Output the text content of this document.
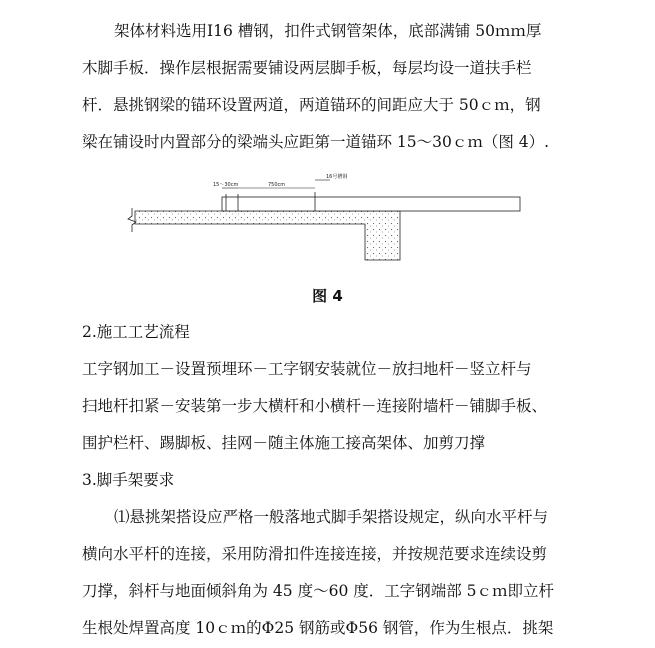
架体材料选用Ⅰ16 槽钢，扣件式钢管架体，底部满铺 50ｍｍ厚

木脚手板．操作层根据需要铺设两层脚手板，每层均设一道扶手栏

杆．悬挑钢梁的锚环设置两道，两道锚环的间距应大于 50ｃｍ，钢

梁在铺设时内置部分的梁端头应距第一道锚环 15～30ｃｍ（图 4）.

15～30cm	750cm
16号槽钢
图 4

2.施工工艺流程

工字钢加工－设置预埋环－工字钢安装就位－放扫地杆－竖立杆与

扫地杆扣紧－安装第一步大横杆和小横杆－连接附墙杆－铺脚手板、

围护栏杆、踢脚板、挂网－随主体施工接高架体、加剪刀撑

3.脚手架要求

⑴悬挑架搭设应严格一般落地式脚手架搭设规定，纵向水平杆与

横向水平杆的连接，采用防滑扣件连接连接，并按规范要求连续设剪

刀撑，斜杆与地面倾斜角为 45 度～60 度．工字钢端部 5ｃｍ即立杆

生根处焊置高度 10ｃｍ的Φ25 钢筋或Φ56 钢管，作为生根点．挑架
